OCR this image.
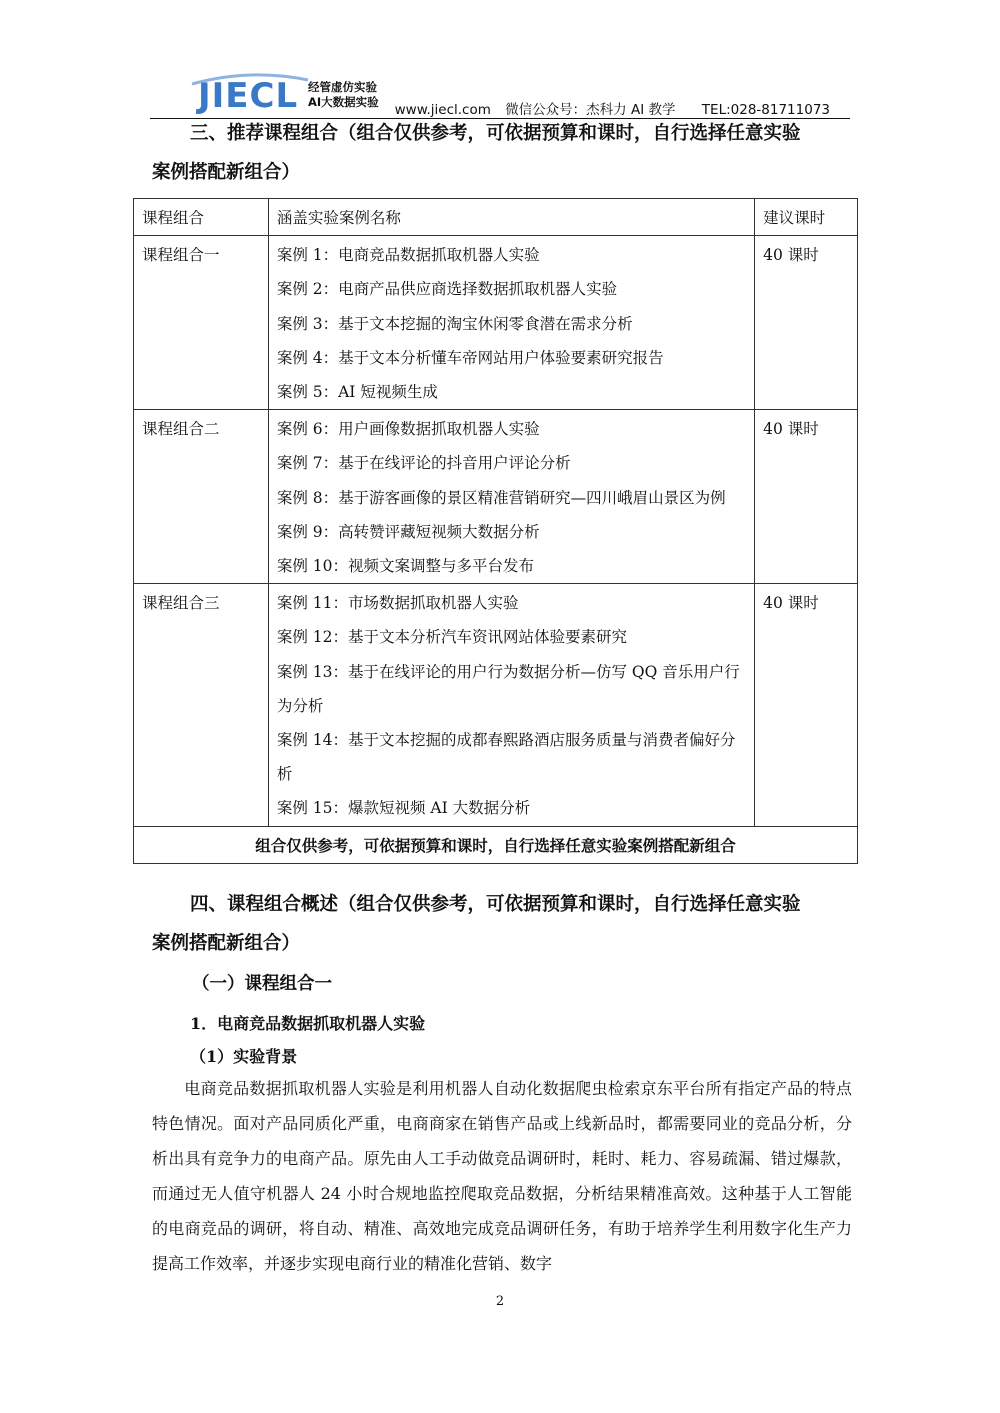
JIECL 经管虚仿实验
AI大数据实验	www.jiecl.com 微信公众号：杰科力 AI 教学 TEL:028-81711073
三、推荐课程组合（组合仅供参考，可依据预算和课时，自行选择任意实验
案例搭配新组合）
课程组合	涵盖实验案例名称	建议课时
课程组合一	案例 1：电商竞品数据抓取机器人实验
案例 2：电商产品供应商选择数据抓取机器人实验
案例 3：基于文本挖掘的淘宝休闲零食潜在需求分析
案例 4：基于文本分析懂车帝网站用户体验要素研究报告
案例 5：AI 短视频生成	40 课时
课程组合二	案例 6：用户画像数据抓取机器人实验
案例 7：基于在线评论的抖音用户评论分析
案例 8：基于游客画像的景区精准营销研究—四川峨眉山景区为例
案例 9：高转赞评藏短视频大数据分析
案例 10：视频文案调整与多平台发布	40 课时
课程组合三	案例 11：市场数据抓取机器人实验
案例 12：基于文本分析汽车资讯网站体验要素研究
案例 13：基于在线评论的用户行为数据分析—仿写 QQ 音乐用户行为分析
案例 14：基于文本挖掘的成都春熙路酒店服务质量与消费者偏好分析
案例 15：爆款短视频 AI 大数据分析	40 课时
组合仅供参考，可依据预算和课时，自行选择任意实验案例搭配新组合		
四、课程组合概述（组合仅供参考，可依据预算和课时，自行选择任意实验
案例搭配新组合）
（一）课程组合一
1．电商竞品数据抓取机器人实验
（1）实验背景
电商竞品数据抓取机器人实验是利用机器人自动化数据爬虫检索京东平台所有指定产品的特点特色情况。面对产品同质化严重，电商商家在销售产品或上线新品时，都需要同业的竞品分析，分析出具有竞争力的电商产品。原先由人工手动做竞品调研时，耗时、耗力、容易疏漏、错过爆款，而通过无人值守机器人 24 小时合规地监控爬取竞品数据，分析结果精准高效。这种基于人工智能的电商竞品的调研，将自动、精准、高效地完成竞品调研任务，有助于培养学生利用数字化生产力提高工作效率，并逐步实现电商行业的精准化营销、数字
2
